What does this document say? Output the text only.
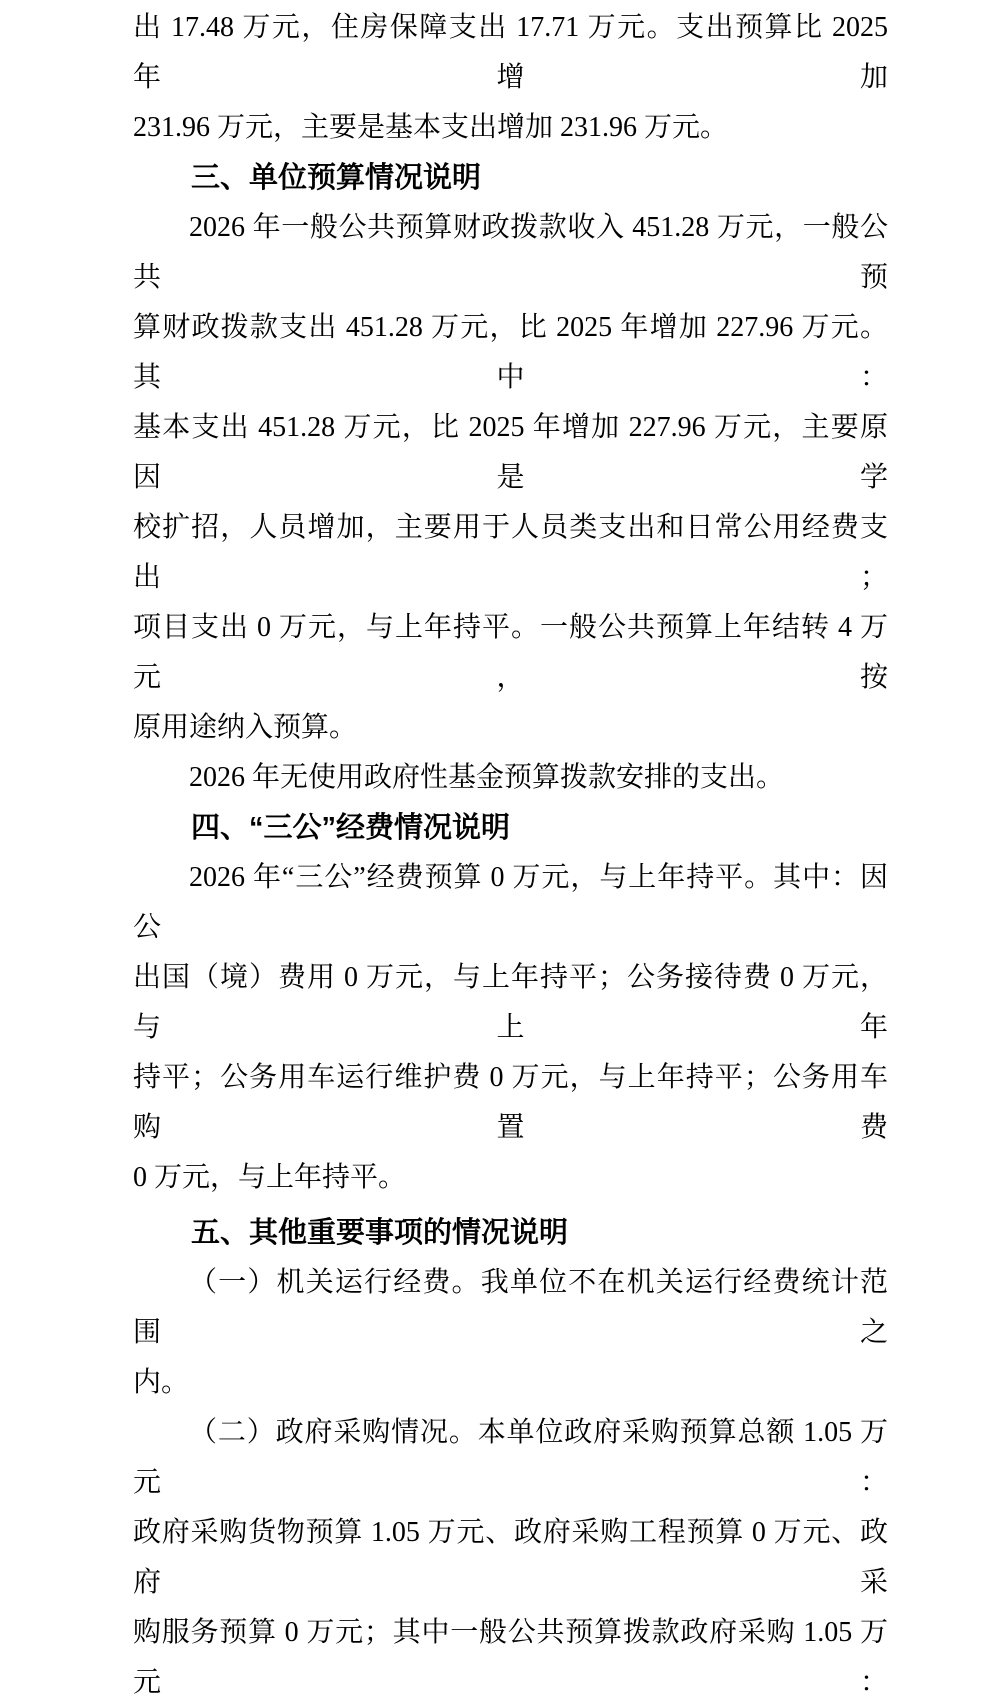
出 17.48 万元，住房保障支出 17.71 万元。支出预算比 2025 年增加
231.96 万元，主要是基本支出增加 231.96 万元。
三、单位预算情况说明
2026 年一般公共预算财政拨款收入 451.28 万元，一般公共预
算财政拨款支出 451.28 万元，比 2025 年增加 227.96 万元。其中：
基本支出 451.28 万元，比 2025 年增加 227.96 万元，主要原因是学
校扩招，人员增加，主要用于人员类支出和日常公用经费支出；
项目支出 0 万元，与上年持平。一般公共预算上年结转 4 万元，按
原用途纳入预算。
2026 年无使用政府性基金预算拨款安排的支出。
四、“三公”经费情况说明
2026 年“三公”经费预算 0 万元，与上年持平。其中：因公
出国（境）费用 0 万元，与上年持平；公务接待费 0 万元，与上年
持平；公务用车运行维护费 0 万元，与上年持平；公务用车购置费
0 万元，与上年持平。
五、其他重要事项的情况说明
（一）机关运行经费。我单位不在机关运行经费统计范围之
内。
（二）政府采购情况。本单位政府采购预算总额 1.05 万元：
政府采购货物预算 1.05 万元、政府采购工程预算 0 万元、政府采
购服务预算 0 万元；其中一般公共预算拨款政府采购 1.05 万元：
